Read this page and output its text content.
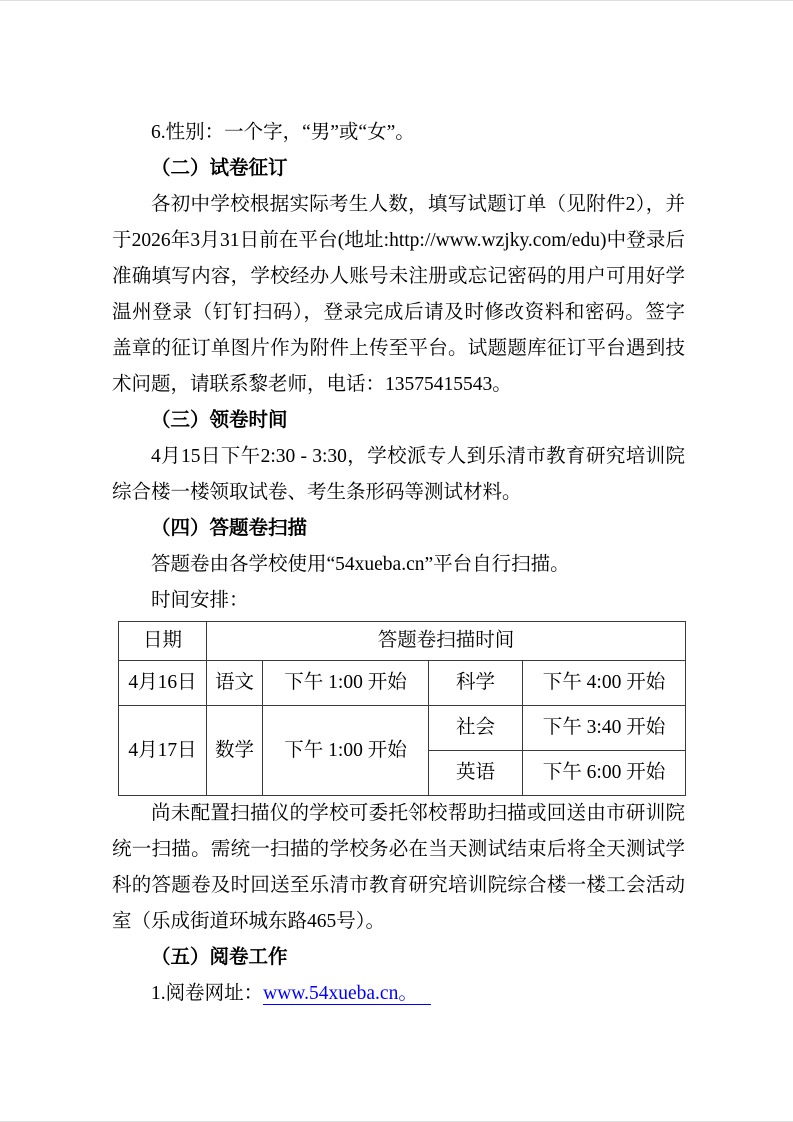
6.性别：一个字，“男”或“女”。

（二）试卷征订

各初中学校根据实际考生人数，填写试题订单（见附件2），并于2026年3月31日前在平台(地址:http://www.wzjky.com/edu)中登录后准确填写内容，学校经办人账号未注册或忘记密码的用户可用好学温州登录（钉钉扫码），登录完成后请及时修改资料和密码。签字盖章的征订单图片作为附件上传至平台。试题题库征订平台遇到技术问题，请联系黎老师，电话：13575415543。

（三）领卷时间

4月15日下午2:30 - 3:30，学校派专人到乐清市教育研究培训院综合楼一楼领取试卷、考生条形码等测试材料。

（四）答题卷扫描

答题卷由各学校使用“54xueba.cn”平台自行扫描。

时间安排：

日期	答题卷扫描时间			
4月16日	语文	下午 1:00 开始	科学	下午 4:00 开始
4月17日	数学	下午 1:00 开始	社会	下午 3:40 开始
			英语	下午 6:00 开始

尚未配置扫描仪的学校可委托邻校帮助扫描或回送由市研训院统一扫描。需统一扫描的学校务必在当天测试结束后将全天测试学科的答题卷及时回送至乐清市教育研究培训院综合楼一楼工会活动室（乐成街道环城东路465号）。

（五）阅卷工作

1.阅卷网址：www.54xueba.cn。
